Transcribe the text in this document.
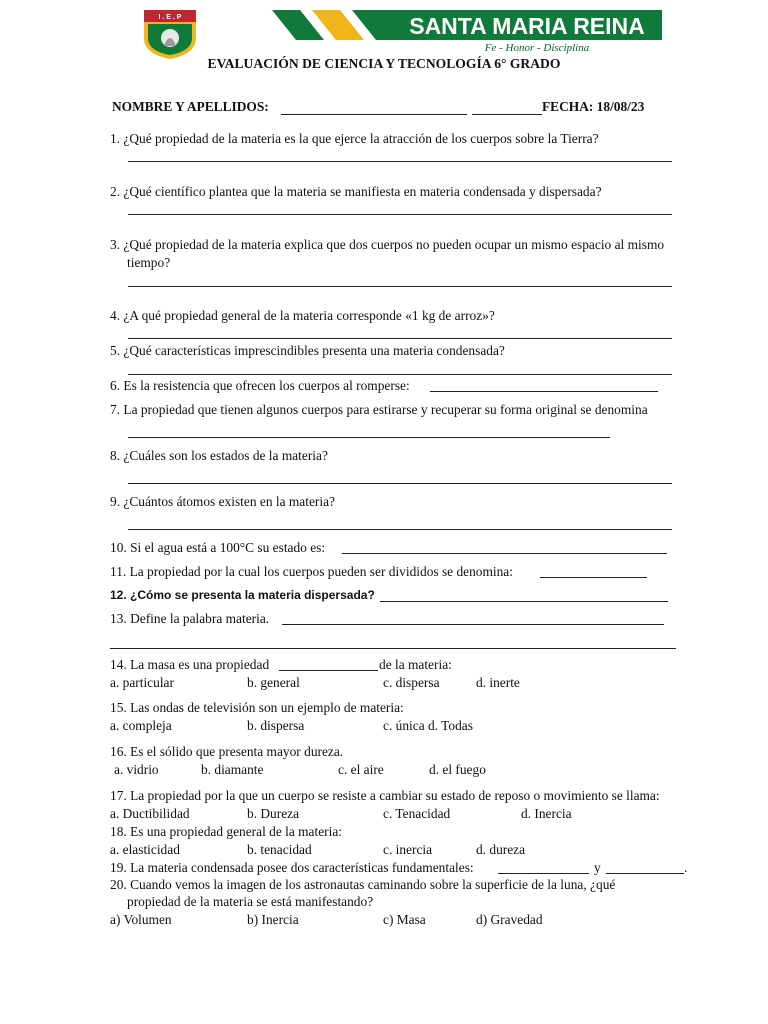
I . E . P	SANTA MARIA REINA
Fe - Honor - Disciplina
EVALUACIÓN DE CIENCIA Y TECNOLOGÍA 6° GRADO
NOMBRE Y APELLIDOS:	FECHA: 18/08/23
1. ¿Qué propiedad de la materia es la que ejerce la atracción de los cuerpos sobre la Tierra?
2. ¿Qué científico plantea que la materia se manifiesta en materia condensada y dispersada?
3. ¿Qué propiedad de la materia explica que dos cuerpos no pueden ocupar un mismo espacio al mismo
tiempo?
4. ¿A qué propiedad general de la materia corresponde «1 kg de arroz»?
5. ¿Qué características imprescindibles presenta una materia condensada?
6. Es la resistencia que ofrecen los cuerpos al romperse:
7. La propiedad que tienen algunos cuerpos para estirarse y recuperar su forma original se denomina
8. ¿Cuáles son los estados de la materia?
9. ¿Cuántos átomos existen en la materia?
10. Si el agua está a 100°C su estado es:
11. La propiedad por la cual los cuerpos pueden ser divididos se denomina:
12. ¿Cómo se presenta la materia dispersada?
13. Define la palabra materia.
14. La masa es una propiedad	de la materia:
a. particular	b. general	c. dispersa	d. inerte
15. Las ondas de televisión son un ejemplo de materia:
a. compleja	b. dispersa	c. única d. Todas
16. Es el sólido que presenta mayor dureza.
a. vidrio	b. diamante	c. el aire	d. el fuego
17. La propiedad por la que un cuerpo se resiste a cambiar su estado de reposo o movimiento se llama:
a. Ductibilidad	b. Dureza	c. Tenacidad	d. Inercia
18. Es una propiedad general de la materia:
a. elasticidad	b. tenacidad	c. inercia	d. dureza
19. La materia condensada posee dos características fundamentales:	y	.
20. Cuando vemos la imagen de los astronautas caminando sobre la superficie de la luna, ¿qué
propiedad de la materia se está manifestando?
a) Volumen	b) Inercia	c) Masa	d) Gravedad
